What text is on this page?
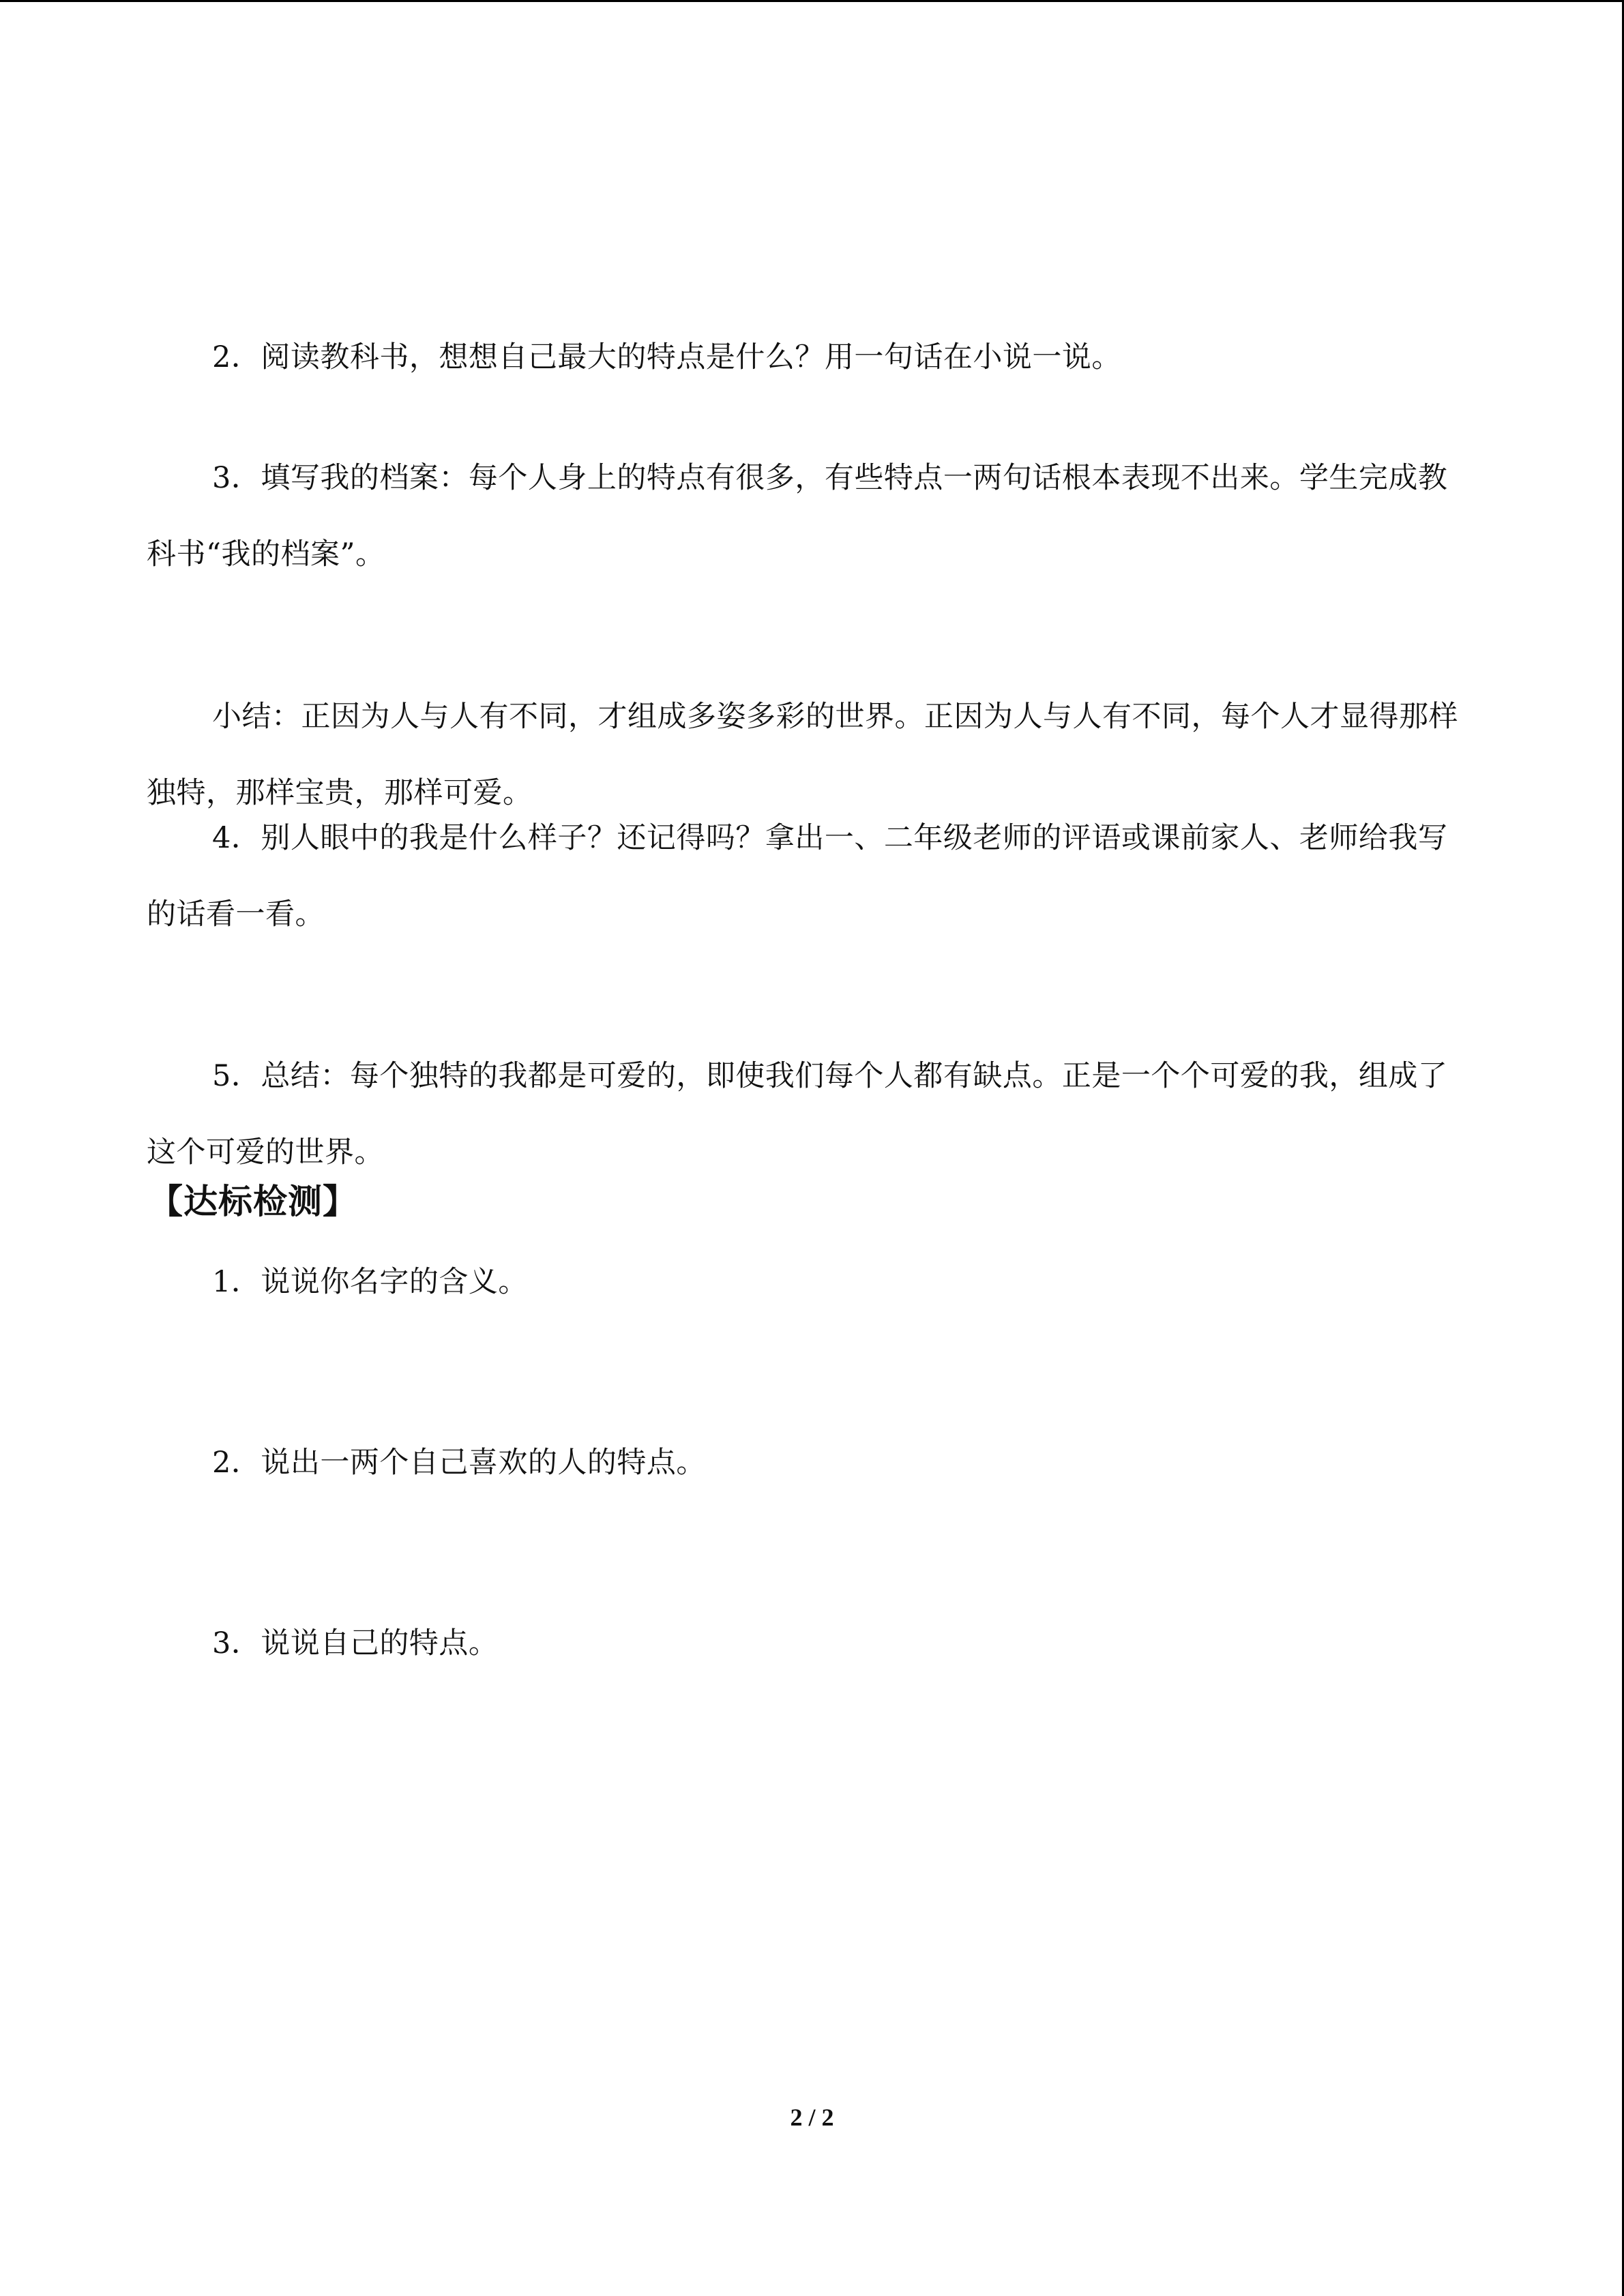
2．阅读教科书，想想自己最大的特点是什么？用一句话在小说一说。

3．填写我的档案：每个人身上的特点有很多，有些特点一两句话根本表现不出来。学生完成教科书“我的档案”。

小结：正因为人与人有不同，才组成多姿多彩的世界。正因为人与人有不同，每个人才显得那样独特，那样宝贵，那样可爱。

4．别人眼中的我是什么样子？还记得吗？拿出一、二年级老师的评语或课前家人、老师给我写的话看一看。

5．总结：每个独特的我都是可爱的，即使我们每个人都有缺点。正是一个个可爱的我，组成了这个可爱的世界。

【达标检测】

1．说说你名字的含义。

2．说出一两个自己喜欢的人的特点。

3．说说自己的特点。

2 / 2
